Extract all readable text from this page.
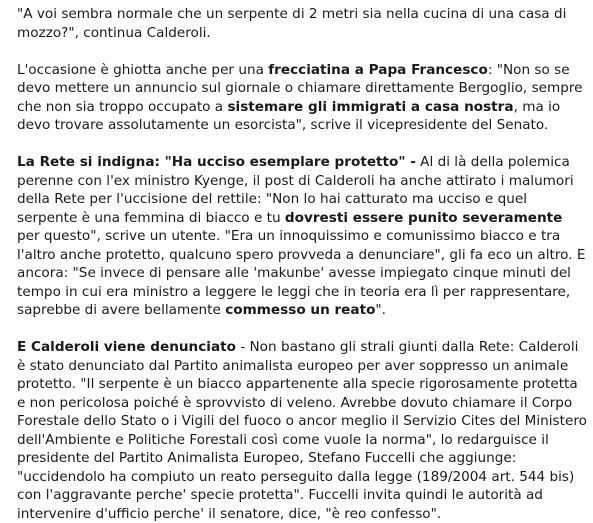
"A voi sembra normale che un serpente di 2 metri sia nella cucina di una casa di mozzo?", continua Calderoli.

L'occasione è ghiotta anche per una frecciatina a Papa Francesco: "Non so se devo mettere un annuncio sul giornale o chiamare direttamente Bergoglio, sempre che non sia troppo occupato a sistemare gli immigrati a casa nostra, ma io devo trovare assolutamente un esorcista", scrive il vicepresidente del Senato.

La Rete si indigna: "Ha ucciso esemplare protetto" - Al di là della polemica perenne con l'ex ministro Kyenge, il post di Calderoli ha anche attirato i malumori della Rete per l'uccisione del rettile: "Non lo hai catturato ma ucciso e quel serpente è una femmina di biacco e tu dovresti essere punito severamente per questo", scrive un utente. "Era un innoquissimo e comunissimo biacco e tra l'altro anche protetto, qualcuno spero provveda a denunciare", gli fa eco un altro. E ancora: "Se invece di pensare alle 'makunbe' avesse impiegato cinque minuti del tempo in cui era ministro a leggere le leggi che in teoria era lì per rappresentare, saprebbe di avere bellamente commesso un reato".

E Calderoli viene denunciato - Non bastano gli strali giunti dalla Rete: Calderoli è stato denunciato dal Partito animalista europeo per aver soppresso un animale protetto. "Il serpente è un biacco appartenente alla specie rigorosamente protetta e non pericolosa poiché è sprovvisto di veleno. Avrebbe dovuto chiamare il Corpo Forestale dello Stato o i Vigili del fuoco o ancor meglio il Servizio Cites del Ministero dell'Ambiente e Politiche Forestali così come vuole la norma", lo redarguisce il presidente del Partito Animalista Europeo, Stefano Fuccelli che aggiunge: "uccidendolo ha compiuto un reato perseguito dalla legge (189/2004 art. 544 bis) con l'aggravante perche' specie protetta". Fuccelli invita quindi le autorità ad intervenire d'ufficio perche' il senatore, dice, "è reo confesso".
